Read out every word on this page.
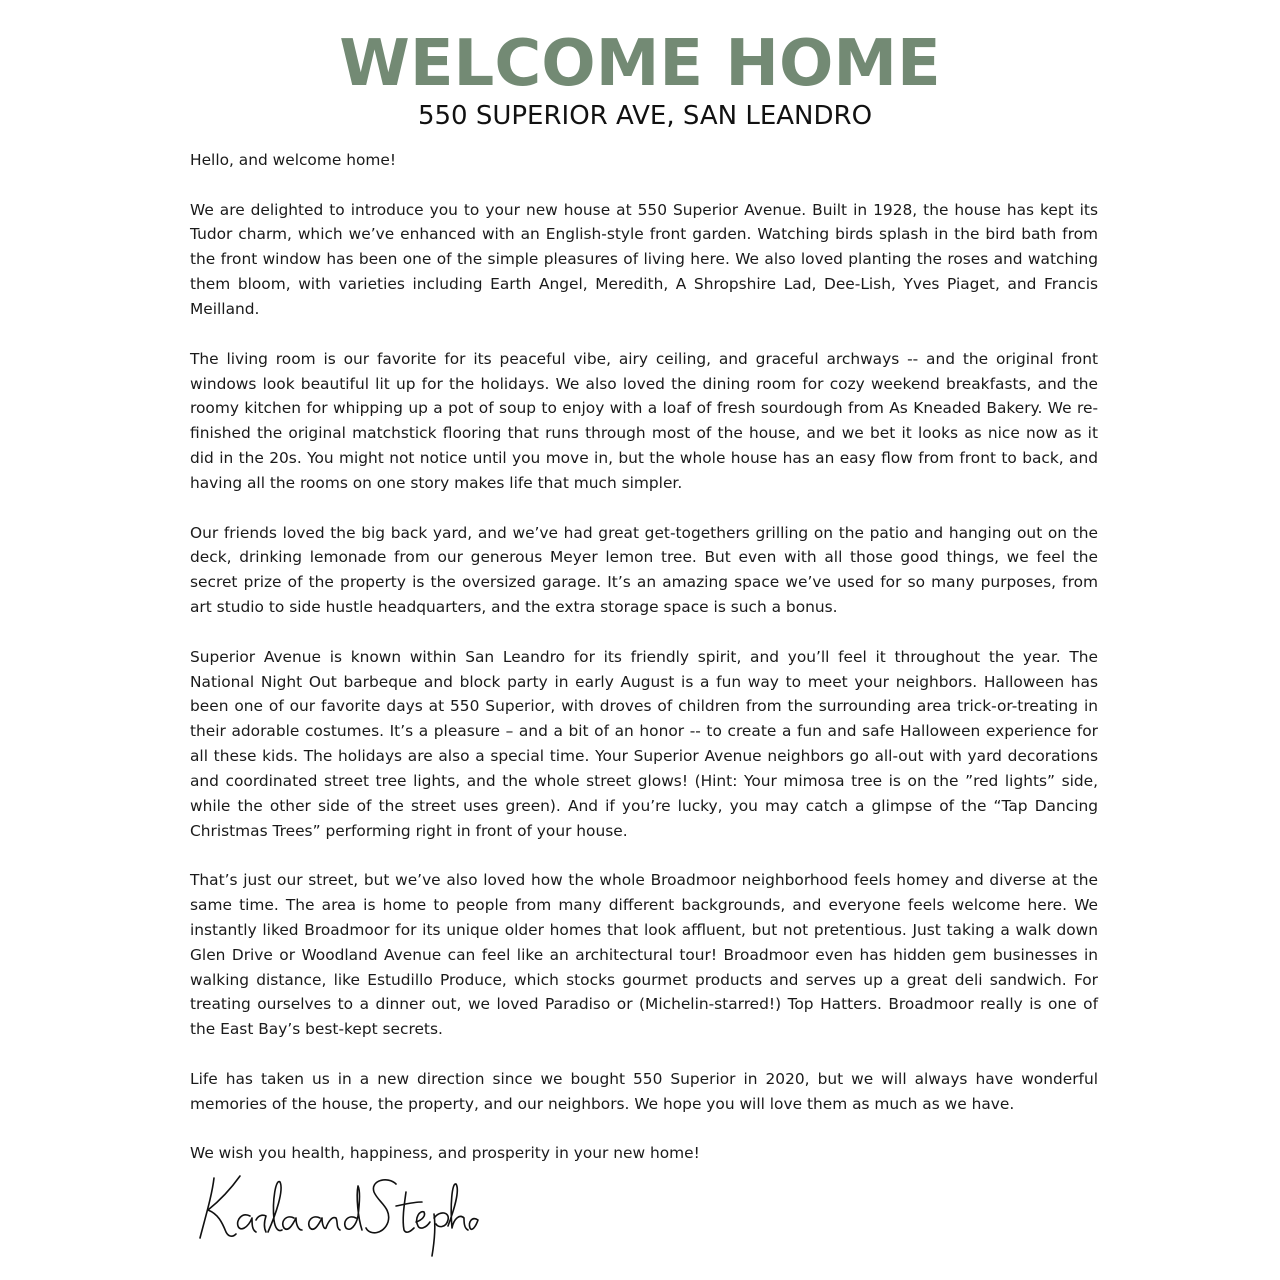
WELCOME HOME
550 SUPERIOR AVE, SAN LEANDRO

Hello, and welcome home!

We are delighted to introduce you to your new house at 550 Superior Avenue. Built in 1928, the house has kept its Tudor charm, which we’ve enhanced with an English-style front garden. Watching birds splash in the bird bath from the front window has been one of the simple pleasures of living here. We also loved planting the roses and watching them bloom, with varieties including Earth Angel, Meredith, A Shropshire Lad, Dee-Lish, Yves Piaget, and Francis Meilland.

The living room is our favorite for its peaceful vibe, airy ceiling, and graceful archways -- and the original front windows look beautiful lit up for the holidays. We also loved the dining room for cozy weekend breakfasts, and the roomy kitchen for whipping up a pot of soup to enjoy with a loaf of fresh sourdough from As Kneaded Bakery. We re-finished the original matchstick flooring that runs through most of the house, and we bet it looks as nice now as it did in the 20s. You might not notice until you move in, but the whole house has an easy flow from front to back, and having all the rooms on one story makes life that much simpler.

Our friends loved the big back yard, and we’ve had great get-togethers grilling on the patio and hanging out on the deck, drinking lemonade from our generous Meyer lemon tree. But even with all those good things, we feel the secret prize of the property is the oversized garage. It’s an amazing space we’ve used for so many purposes, from art studio to side hustle headquarters, and the extra storage space is such a bonus.

Superior Avenue is known within San Leandro for its friendly spirit, and you’ll feel it throughout the year. The National Night Out barbeque and block party in early August is a fun way to meet your neighbors. Halloween has been one of our favorite days at 550 Superior, with droves of children from the surrounding area trick-or-treating in their adorable costumes. It’s a pleasure – and a bit of an honor -- to create a fun and safe Halloween experience for all these kids. The holidays are also a special time. Your Superior Avenue neighbors go all-out with yard decorations and coordinated street tree lights, and the whole street glows! (Hint: Your mimosa tree is on the ”red lights” side, while the other side of the street uses green). And if you’re lucky, you may catch a glimpse of the “Tap Dancing Christmas Trees” performing right in front of your house.

That’s just our street, but we’ve also loved how the whole Broadmoor neighborhood feels homey and diverse at the same time. The area is home to people from many different backgrounds, and everyone feels welcome here. We instantly liked Broadmoor for its unique older homes that look affluent, but not pretentious. Just taking a walk down Glen Drive or Woodland Avenue can feel like an architectural tour! Broadmoor even has hidden gem businesses in walking distance, like Estudillo Produce, which stocks gourmet products and serves up a great deli sandwich. For treating ourselves to a dinner out, we loved Paradiso or (Michelin-starred!) Top Hatters. Broadmoor really is one of the East Bay’s best-kept secrets.

Life has taken us in a new direction since we bought 550 Superior in 2020, but we will always have wonderful memories of the house, the property, and our neighbors. We hope you will love them as much as we have.

We wish you health, happiness, and prosperity in your new home!
